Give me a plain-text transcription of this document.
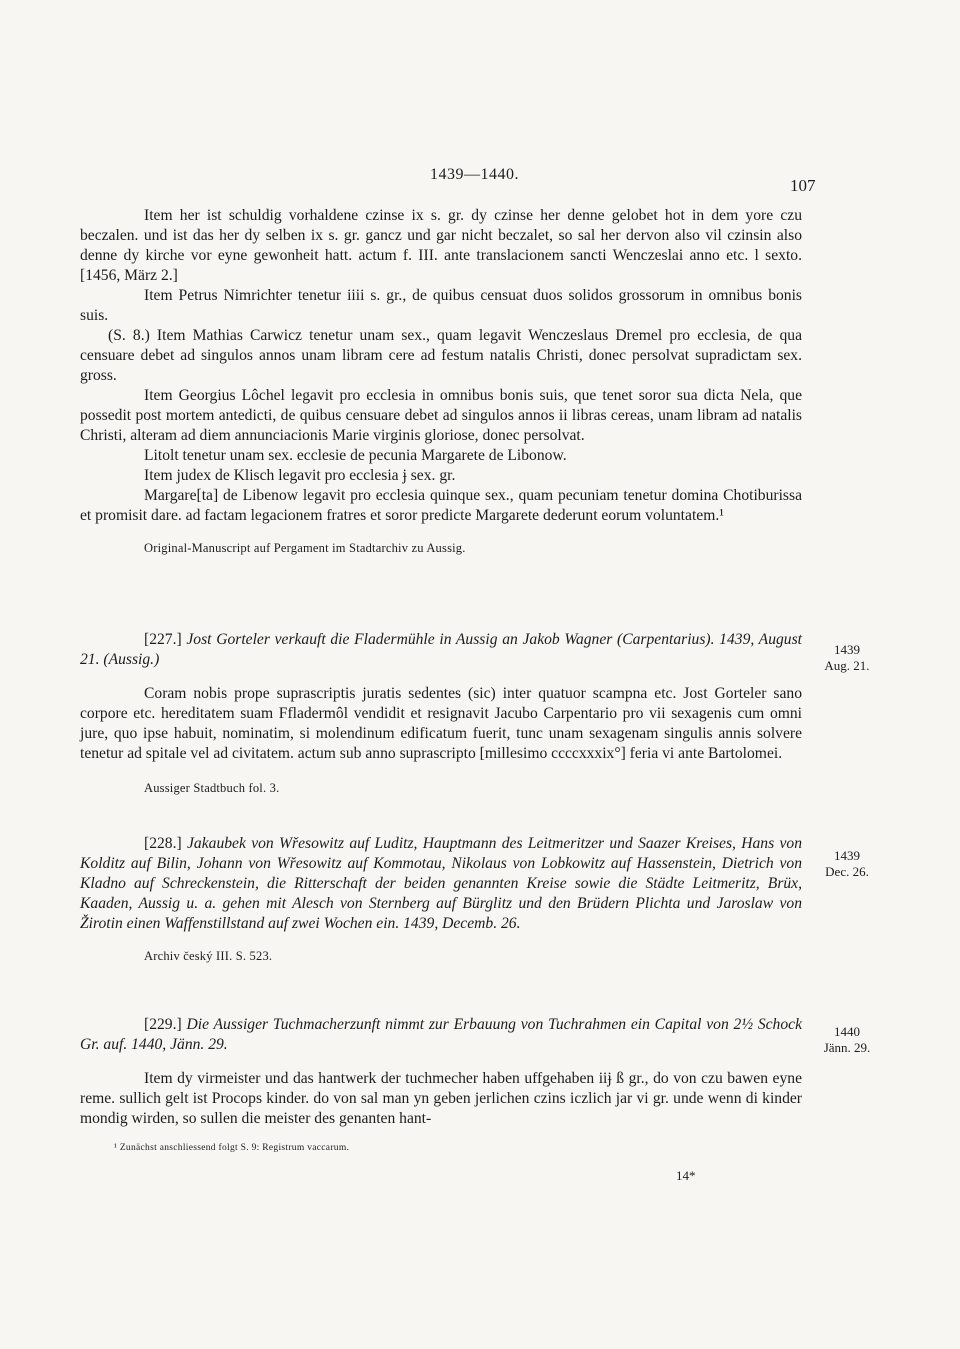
1439—1440.
107

Item her ist schuldig vorhaldene czinse ix s. gr. dy czinse her denne gelobet hot in dem yore czu beczalen. und ist das her dy selben ix s. gr. gancz und gar nicht beczalet, so sal her dervon also vil czinsin also denne dy kirche vor eyne gewonheit hatt. actum f. III. ante translacionem sancti Wenczeslai anno etc. l sexto. [1456, März 2.]

Item Petrus Nimrichter tenetur iiii s. gr., de quibus censuat duos solidos grossorum in omnibus bonis suis.

(S. 8.) Item Mathias Carwicz tenetur unam sex., quam legavit Wenczeslaus Dremel pro ecclesia, de qua censuare debet ad singulos annos unam libram cere ad festum natalis Christi, donec persolvat supradictam sex. gross.

Item Georgius Lôchel legavit pro ecclesia in omnibus bonis suis, que tenet soror sua dicta Nela, que possedit post mortem antedicti, de quibus censuare debet ad singulos annos ii libras cereas, unam libram ad natalis Christi, alteram ad diem annunciacionis Marie virginis gloriose, donec persolvat.

Litolt tenetur unam sex. ecclesie de pecunia Margarete de Libonow.

Item judex de Klisch legavit pro ecclesia ɉ sex. gr.

Margare[ta] de Libenow legavit pro ecclesia quinque sex., quam pecuniam tenetur domina Chotiburissa et promisit dare. ad factam legacionem fratres et soror predicte Margarete dederunt eorum voluntatem.¹

Original-Manuscript auf Pergament im Stadtarchiv zu Aussig.

[227.] Jost Gorteler verkauft die Fladermühle in Aussig an Jakob Wagner (Carpentarius). 1439, August 21. (Aussig.)

Coram nobis prope suprascriptis juratis sedentes (sic) inter quatuor scampna etc. Jost Gorteler sano corpore etc. hereditatem suam Ffladermôl vendidit et resignavit Jacubo Carpentario pro vii sexagenis cum omni jure, quo ipse habuit, nominatim, si molendinum edificatum fuerit, tunc unam sexagenam singulis annis solvere tenetur ad spitale vel ad civitatem. actum sub anno suprascripto [millesimo ccccxxxix°] feria vi ante Bartolomei.

Aussiger Stadtbuch fol. 3.

1439
Aug. 21.

[228.] Jakaubek von Wřesowitz auf Luditz, Hauptmann des Leitmeritzer und Saazer Kreises, Hans von Kolditz auf Bilin, Johann von Wřesowitz auf Kommotau, Nikolaus von Lobkowitz auf Hassenstein, Dietrich von Kladno auf Schreckenstein, die Ritterschaft der beiden genannten Kreise sowie die Städte Leitmeritz, Brüx, Kaaden, Aussig u. a. gehen mit Alesch von Sternberg auf Bürglitz und den Brüdern Plichta und Jaroslaw von Žirotin einen Waffenstillstand auf zwei Wochen ein. 1439, Decemb. 26.

Archiv český III. S. 523.

1439
Dec. 26.

[229.] Die Aussiger Tuchmacherzunft nimmt zur Erbauung von Tuchrahmen ein Capital von 2½ Schock Gr. auf. 1440, Jänn. 29.

Item dy virmeister und das hantwerk der tuchmecher haben uffgehaben iiɉ ß gr., do von czu bawen eyne reme. sullich gelt ist Procops kinder. do von sal man yn geben jerlichen czins iczlich jar vi gr. unde wenn di kinder mondig wirden, so sullen die meister des genanten hant-

1440
Jänn. 29.
¹ Zunächst anschliessend folgt S. 9: Registrum vaccarum.
14*
